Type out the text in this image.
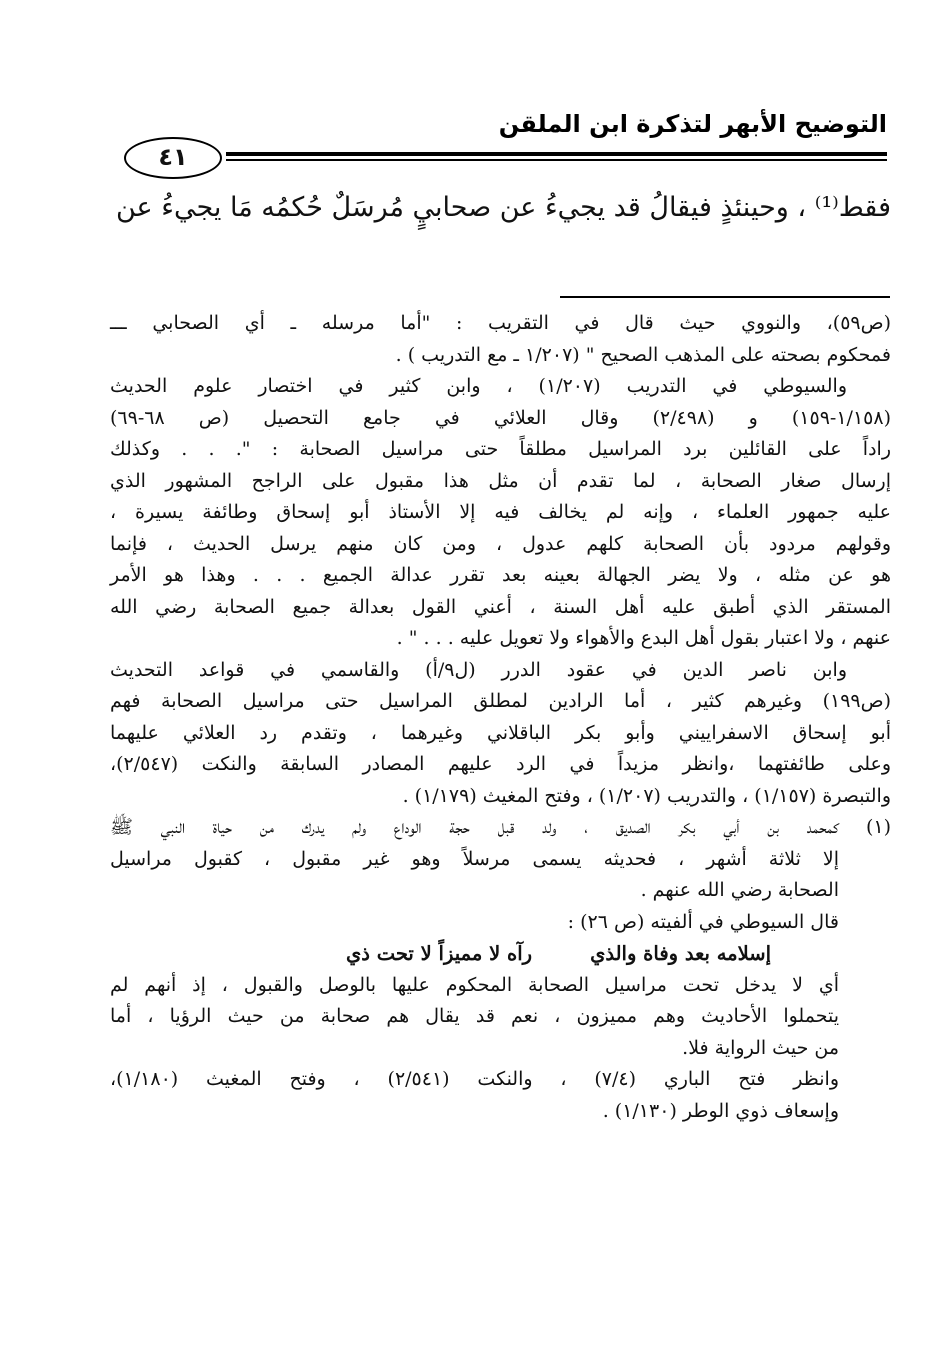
التوضيح الأبهر لتذكرة ابن الملقن
٤١
فقط⁽¹⁾ ، وحينئذٍ فيقالُ قد يجيءُ عن صحابيٍ مُرسَلٌ حُكمُه مَا يجيءُ عن
(ص٥٩)، والنووي حيث قال في التقريب : "أما مرسله ـ أي الصحابي ـــ
فمحكوم بصحته على المذهب الصحيح " (١/٢٠٧ ـ مع التدريب ) .
والسيوطي في التدريب (١/٢٠٧) ، وابن كثير في اختصار علوم الحديث
(١/١٥٨-١٥٩) و (٢/٤٩٨) وقال العلائي في جامع التحصيل (ص ٦٨-٦٩)
راداً على القائلين برد المراسيل مطلقاً حتى مراسيل الصحابة : ". . . وكذلك
إرسال صغار الصحابة ، لما تقدم أن مثل هذا مقبول على الراجح المشهور الذي
عليه جمهور العلماء ، وإنه لم يخالف فيه إلا الأستاذ أبو إسحاق وطائفة يسيرة ،
وقولهم مردود بأن الصحابة كلهم عدول ، ومن كان منهم يرسل الحديث ، فإنما
هو عن مثله ، ولا يضر الجهالة بعينه بعد تقرر عدالة الجميع . . . وهذا هو الأمر
المستقر الذي أطبق عليه أهل السنة ، أعني القول بعدالة جميع الصحابة رضي الله
عنهم ، ولا اعتبار بقول أهل البدع والأهواء ولا تعويل عليه . . . " .
وابن ناصر الدين في عقود الدرر (ل٩/أ) والقاسمي في قواعد التحديث
(ص١٩٩) وغيرهم كثير ، أما الرادين لمطلق المراسيل حتى مراسيل الصحابة فهم
أبو إسحاق الاسفراييني وأبو بكر الباقلاني وغيرهما ، وتقدم رد العلائي عليهما
وعلى طائفتهما ،وانظر مزيداً في الرد عليهم المصادر السابقة والنكت (٢/٥٤٧)،
والتبصرة (١/١٥٧) ، والتدريب (١/٢٠٧) ، وفتح المغيث (١/١٧٩) .
(١)
كمحمد بن أبي بكر الصديق ، ولد قبل حجة الوداع ولم يدرك من حياة النبي ﷺ
إلا ثلاثة أشهر ، فحديثه يسمى مرسلاً وهو غير مقبول ، كقبول مراسيل
الصحابة رضي الله عنهم .
قال السيوطي في ألفيته (ص ٢٦) :
إسلامه بعد وفاة والذي
رآه لا مميزاً لا تحت ذي
أي لا يدخل تحت مراسيل الصحابة المحكوم عليها بالوصل والقبول ، إذ أنهم لم
يتحملوا الأحاديث وهم مميزون ، نعم قد يقال هم صحابة من حيث الرؤيا ، أما
من حيث الرواية فلا.
وانظر فتح الباري (٧/٤) ، والنكت (٢/٥٤١) ، وفتح المغيث (١/١٨٠)،
وإسعاف ذوي الوطر (١/١٣٠) .
